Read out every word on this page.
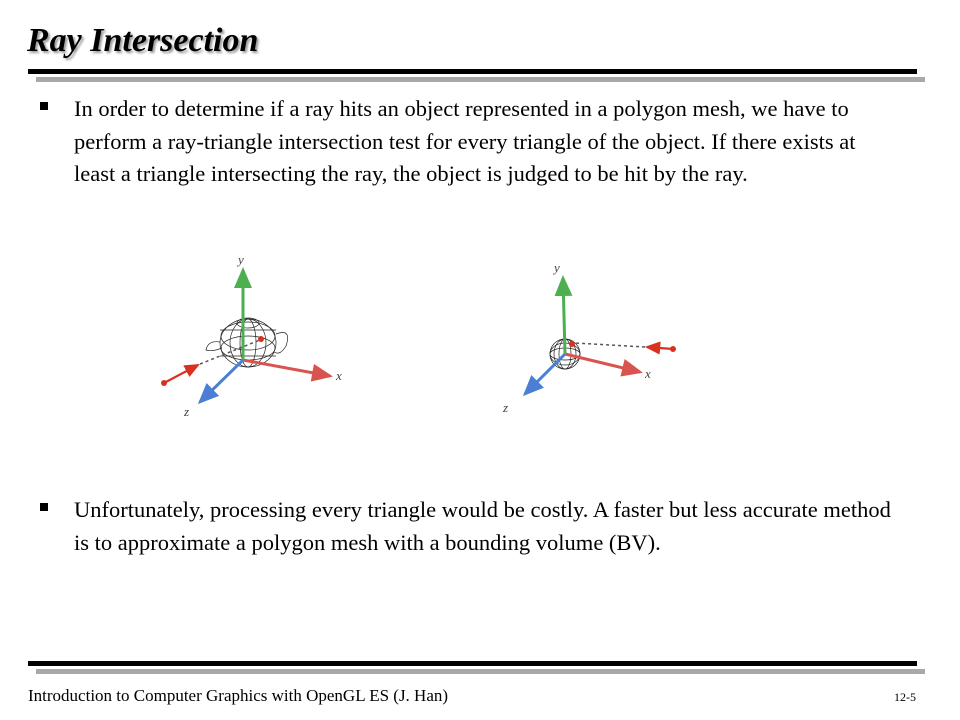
Ray Intersection
In order to determine if a ray hits an object represented in a polygon mesh, we have to perform a ray-triangle intersection test for every triangle of the object. If there exists at least a triangle intersecting the ray, the object is judged to be hit by the ray.
x
y
z
x
y
z
Unfortunately, processing every triangle would be costly. A faster but less accurate method is to approximate a polygon mesh with a bounding volume (BV).
Introduction to Computer Graphics with OpenGL ES (J. Han)	12-5
